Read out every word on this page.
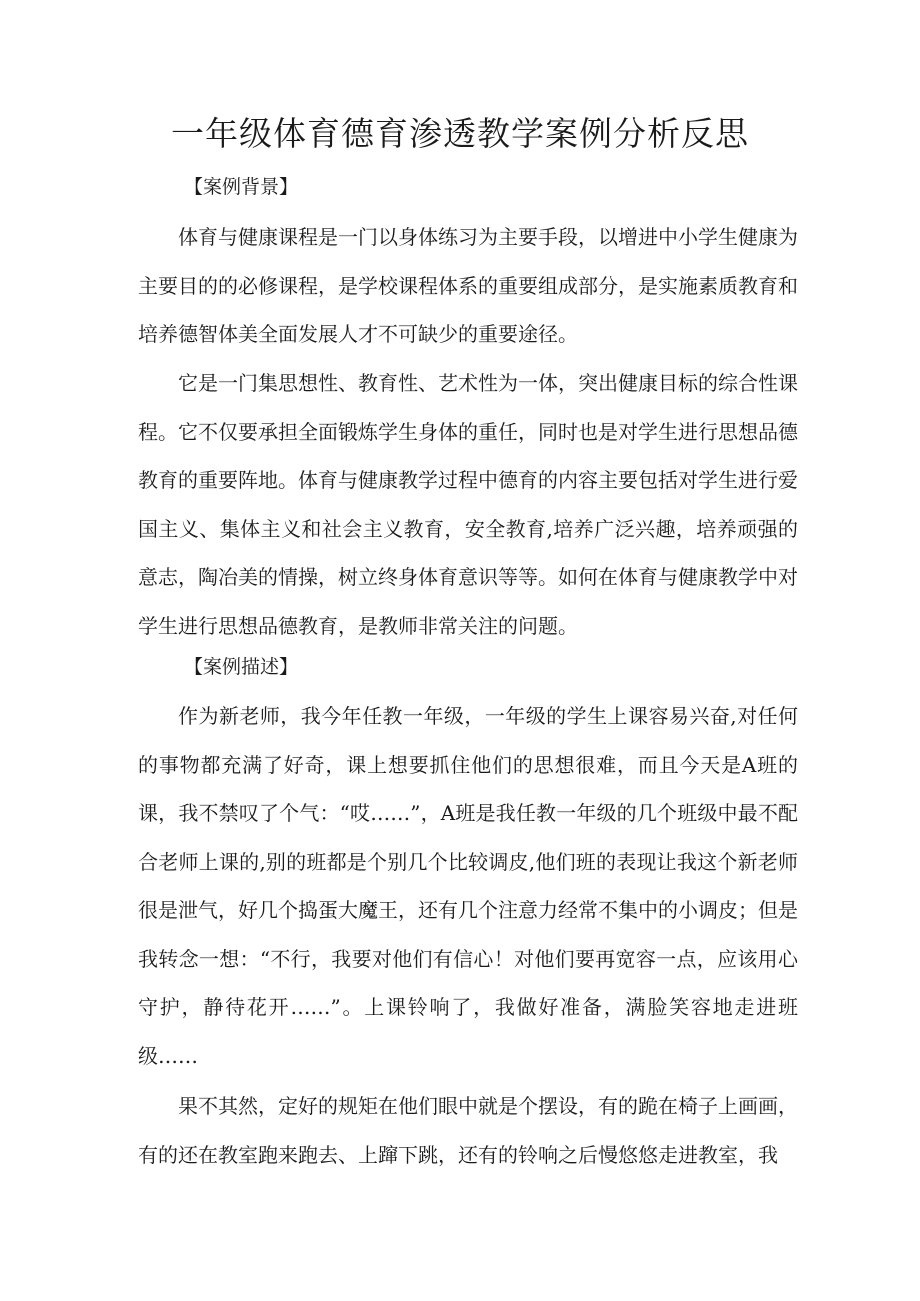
一年级体育德育渗透教学案例分析反思

【案例背景】

体育与健康课程是一门以身体练习为主要手段，以增进中小学生健康为主要目的的必修课程，是学校课程体系的重要组成部分，是实施素质教育和培养德智体美全面发展人才不可缺少的重要途径。

它是一门集思想性、教育性、艺术性为一体，突出健康目标的综合性课程。它不仅要承担全面锻炼学生身体的重任，同时也是对学生进行思想品德教育的重要阵地。体育与健康教学过程中德育的内容主要包括对学生进行爱国主义、集体主义和社会主义教育，安全教育,培养广泛兴趣，培养顽强的意志，陶冶美的情操，树立终身体育意识等等。如何在体育与健康教学中对学生进行思想品德教育，是教师非常关注的问题。

【案例描述】

作为新老师，我今年任教一年级，一年级的学生上课容易兴奋,对任何的事物都充满了好奇，课上想要抓住他们的思想很难，而且今天是A班的课，我不禁叹了个气：“哎……”，A班是我任教一年级的几个班级中最不配合老师上课的,别的班都是个别几个比较调皮,他们班的表现让我这个新老师很是泄气，好几个捣蛋大魔王，还有几个注意力经常不集中的小调皮；但是我转念一想：“不行，我要对他们有信心！对他们要再宽容一点，应该用心守护，静待花开……”。上课铃响了，我做好准备，满脸笑容地走进班级……

果不其然，定好的规矩在他们眼中就是个摆设，有的跪在椅子上画画，有的还在教室跑来跑去、上蹿下跳，还有的铃响之后慢悠悠走进教室，我
